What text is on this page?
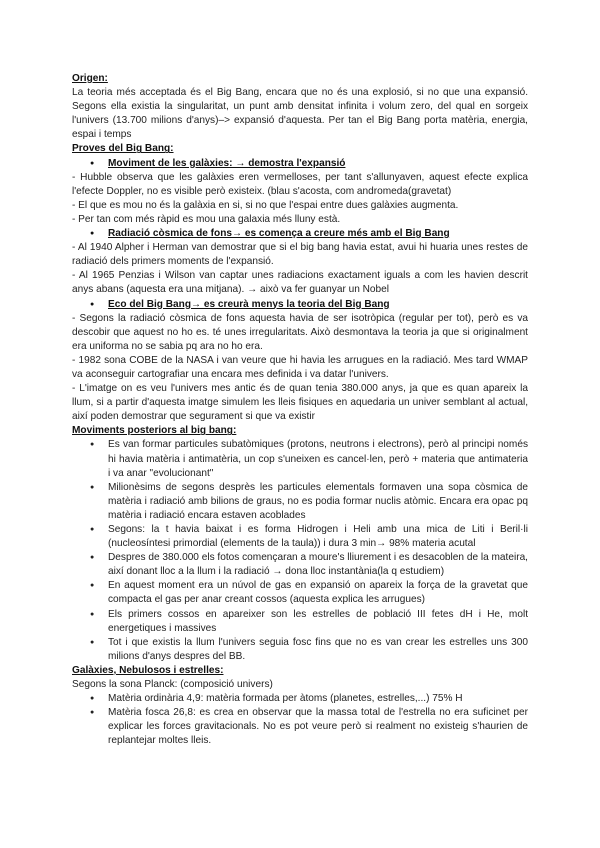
Origen:

La teoria més acceptada és el Big Bang, encara que no és una explosió, si no que una expansió. Segons ella existia la singularitat, un punt amb densitat infinita i volum zero, del qual en sorgeix l'univers (13.700 milions d'anys)–> expansió d'aquesta. Per tan el Big Bang porta matèria, energia, espai i temps

Proves del Big Bang:

● Moviment de les galàxies: → demostra l'expansió

- Hubble observa que les galàxies eren vermelloses, per tant s'allunyaven, aquest efecte explica l'efecte Doppler, no es visible però existeix. (blau s'acosta, com andromeda(gravetat)

- El que es mou no és la galàxia en si, si no que l'espai entre dues galàxies augmenta.

- Per tan com més ràpid es mou una galaxia més lluny està.

● Radiació còsmica de fons→ es comença a creure més amb el Big Bang

- Al 1940 Alpher i Herman van demostrar que si el big bang havia estat, avui hi huaria unes restes de radiació dels primers moments de l'expansió.

- Al 1965 Penzias i Wilson van captar unes radiacions exactament iguals a com les havien descrit anys abans (aquesta era una mitjana). → això va fer guanyar un Nobel

● Eco del Big Bang→ es creurà menys la teoria del Big Bang

- Segons la radiació còsmica de fons aquesta havia de ser isotròpica (regular per tot), però es va descobir que aquest no ho es. té unes irregularitats. Això desmontava la teoria ja que si originalment era uniforma no se sabia pq ara no ho era.

- 1982 sona COBE de la NASA i van veure que hi havia les arrugues en la radiació. Mes tard WMAP va aconseguir cartografiar una encara mes definida i va datar l'univers.

- L'imatge on es veu l'univers mes antic és de quan tenia 380.000 anys, ja que es quan apareix la llum, si a partir d'aquesta imatge simulem les lleis fisiques en aquedaria un univer semblant al actual, així poden demostrar que segurament si que va existir

Moviments posteriors al big bang:

● Es van formar particules subatòmiques (protons, neutrons i electrons), però al principi només hi havia matèria i antimatèria, un cop s'uneixen es cancel·len, però + materia que antimateria i va anar "evolucionant"
● Milionèsims de segons desprès les particules elementals formaven una sopa còsmica de matèria i radiació amb bilions de graus, no es podia formar nuclis atòmic. Encara era opac pq matèria i radiació encara estaven acoblades
● Segons: la t havia baixat i es forma Hidrogen i Heli amb una mica de Liti i Beril·li (nucleosíntesi primordial (elements de la taula)) i dura 3 min→ 98% materia acutal
● Despres de 380.000 els fotos començaran a moure's lliurement i es desacoblen de la mateira, així donant lloc a la llum i la radiació → dona lloc instantània(la q estudiem)
● En aquest moment era un núvol de gas en expansió on apareix la força de la gravetat que compacta el gas per anar creant cossos (aquesta explica les arrugues)
● Els primers cossos en apareixer son les estrelles de població III fetes dH i He, molt energetiques i massives
● Tot i que existis la llum l'univers seguia fosc fins que no es van crear les estrelles uns 300 milions d'anys despres del BB.

Galàxies, Nebulosos i estrelles:

Segons la sona Planck: (composició univers)

● Matèria ordinària 4,9: matèria formada per àtoms (planetes, estrelles,...) 75% H
● Matèria fosca 26,8: es crea en observar que la massa total de l'estrella no era suficinet per explicar les forces gravitacionals. No es pot veure però si realment no existeig s'haurien de replantejar moltes lleis.
